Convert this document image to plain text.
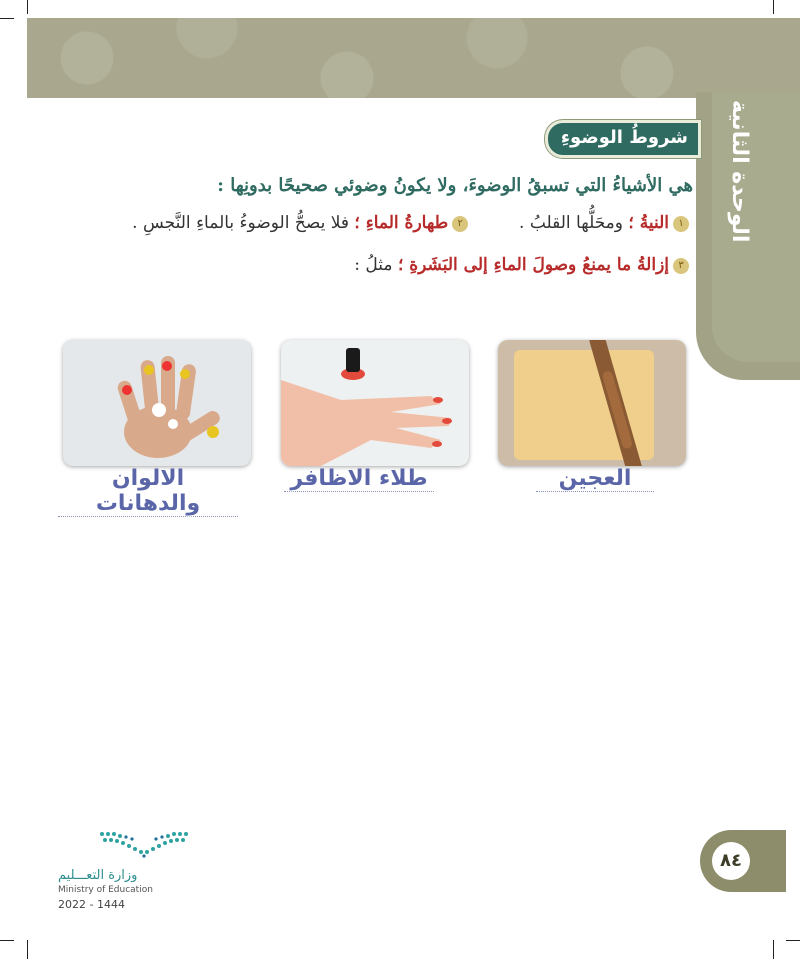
الوحدة الثانية
شروطُ الوضوءِ
هي الأشياءُ التي تسبقُ الوضوءَ، ولا يكونُ وضوئي صحيحًا بدونِها :
١النيةُ ؛ ومحَلُّها القلبُ .  ٢طهارةُ الماءِ ؛ فلا يصحُّ الوضوءُ بالماءِ النَّجسِ .
٣إزالةُ ما يمنعُ وصولَ الماءِ إلى البَشَرةِ ؛ مثلُ :
الالوان والدهانات
طلاء الاظافر	العجين
٨٤
وزارة التعـــليم
Ministry of Education
2022 - 1444
